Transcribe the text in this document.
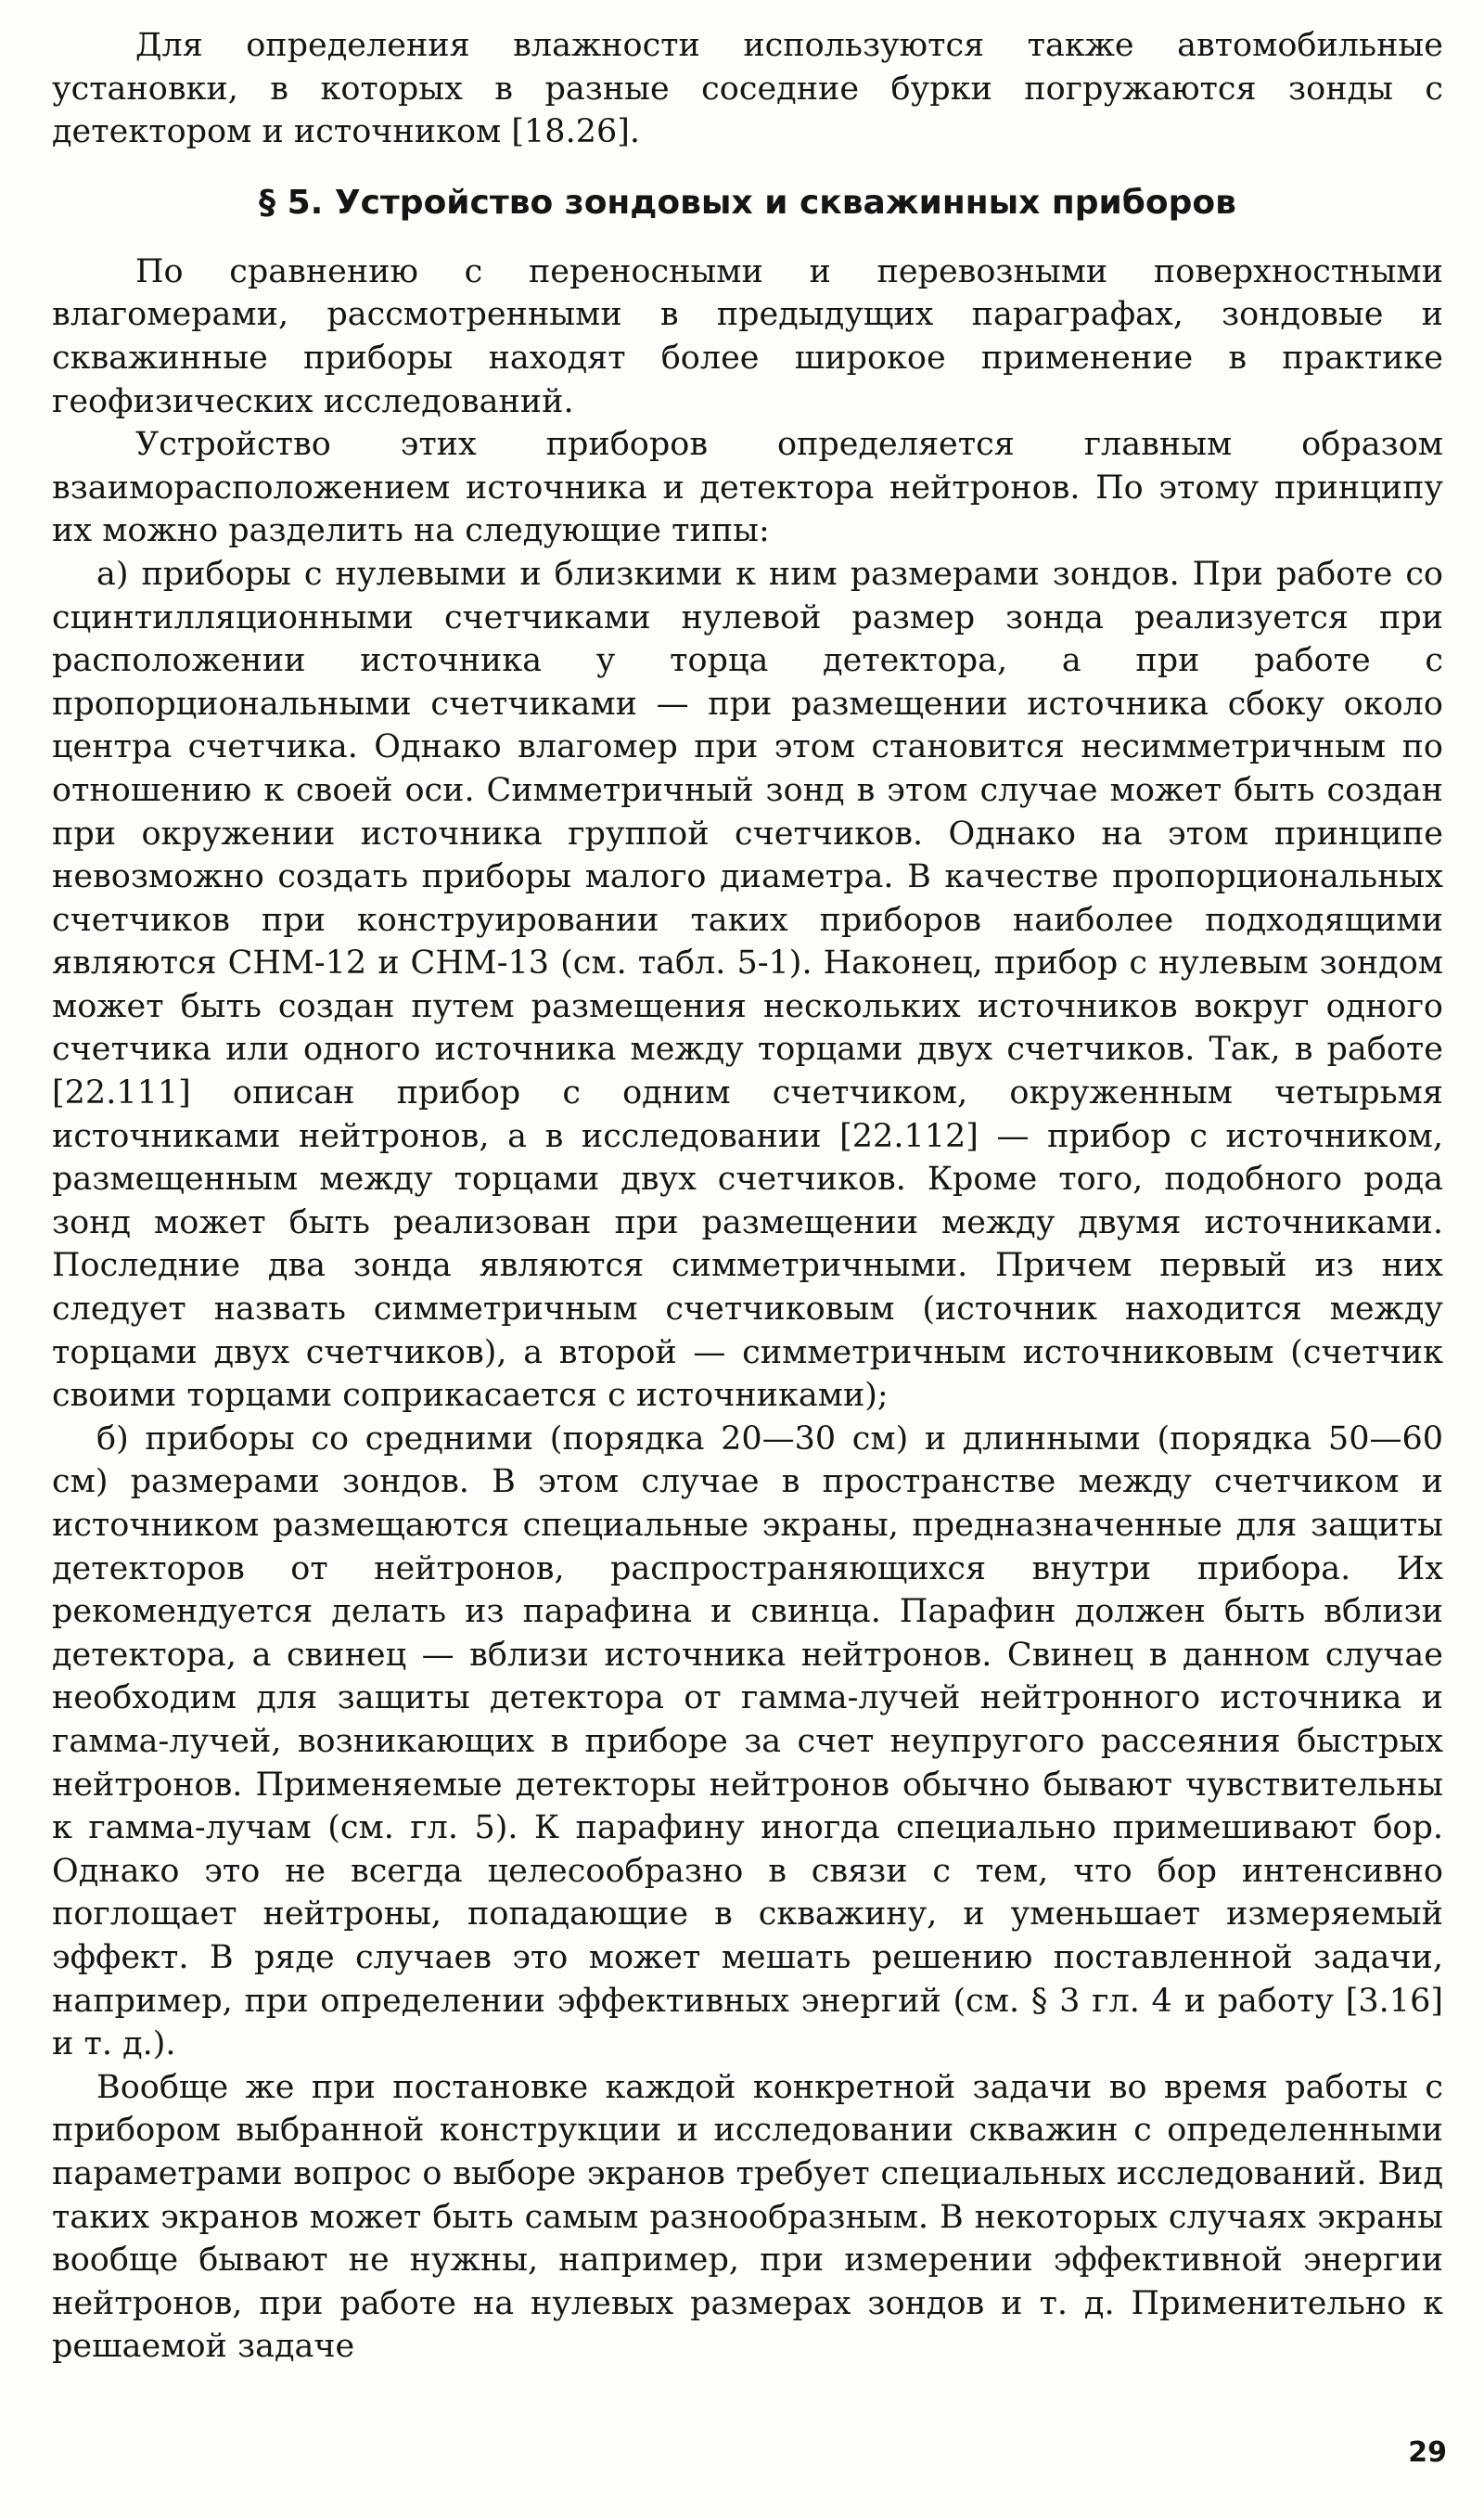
Для определения влажности используются также автомобильные установки, в которых в разные соседние бурки погружаются зонды с детектором и источником [18.26].

§ 5. Устройство зондовых и скважинных приборов

По сравнению с переносными и перевозными поверхностными влагомерами, рассмотренными в предыдущих параграфах, зондовые и скважинные приборы находят более широкое применение в практике геофизических исследований.

Устройство этих приборов определяется главным образом взаиморасположением источника и детектора нейтронов. По этому принципу их можно разделить на следующие типы:

а) приборы с нулевыми и близкими к ним размерами зондов. При работе со сцинтилляционными счетчиками нулевой размер зонда реализуется при расположении источника у торца детектора, а при работе с пропорциональными счетчиками — при размещении источника сбоку около центра счетчика. Однако влагомер при этом становится несимметричным по отношению к своей оси. Симметричный зонд в этом случае может быть создан при окружении источника группой счетчиков. Однако на этом принципе невозможно создать приборы малого диаметра. В качестве пропорциональных счетчиков при конструировании таких приборов наиболее подходящими являются СНМ-12 и СНМ-13 (см. табл. 5-1). Наконец, прибор с нулевым зондом может быть создан путем размещения нескольких источников вокруг одного счетчика или одного источника между торцами двух счетчиков. Так, в работе [22.111] описан прибор с одним счетчиком, окруженным четырьмя источниками нейтронов, а в исследовании [22.112] — прибор с источником, размещенным между торцами двух счетчиков. Кроме того, подобного рода зонд может быть реализован при размещении между двумя источниками. Последние два зонда являются симметричными. Причем первый из них следует назвать симметричным счетчиковым (источник находится между торцами двух счетчиков), а второй — симметричным источниковым (счетчик своими торцами соприкасается с источниками);

б) приборы со средними (порядка 20—30 см) и длинными (порядка 50—60 см) размерами зондов. В этом случае в пространстве между счетчиком и источником размещаются специальные экраны, предназначенные для защиты детекторов от нейтронов, распространяющихся внутри прибора. Их рекомендуется делать из парафина и свинца. Парафин должен быть вблизи детектора, а свинец — вблизи источника нейтронов. Свинец в данном случае необходим для защиты детектора от гамма-лучей нейтронного источника и гамма-лучей, возникающих в приборе за счет неупругого рассеяния быстрых нейтронов. Применяемые детекторы нейтронов обычно бывают чувствительны к гамма-лучам (см. гл. 5). К парафину иногда специально примешивают бор. Однако это не всегда целесообразно в связи с тем, что бор интенсивно поглощает нейтроны, попадающие в скважину, и уменьшает измеряемый эффект. В ряде случаев это может мешать решению поставленной задачи, например, при определении эффективных энергий (см. § 3 гл. 4 и работу [3.16] и т. д.).

Вообще же при постановке каждой конкретной задачи во время работы с прибором выбранной конструкции и исследовании скважин с определенными параметрами вопрос о выборе экранов требует специальных исследований. Вид таких экранов может быть самым разнообразным. В некоторых случаях экраны вообще бывают не нужны, например, при измерении эффективной энергии нейтронов, при работе на нулевых размерах зондов и т. д. Применительно к решаемой задаче

29
